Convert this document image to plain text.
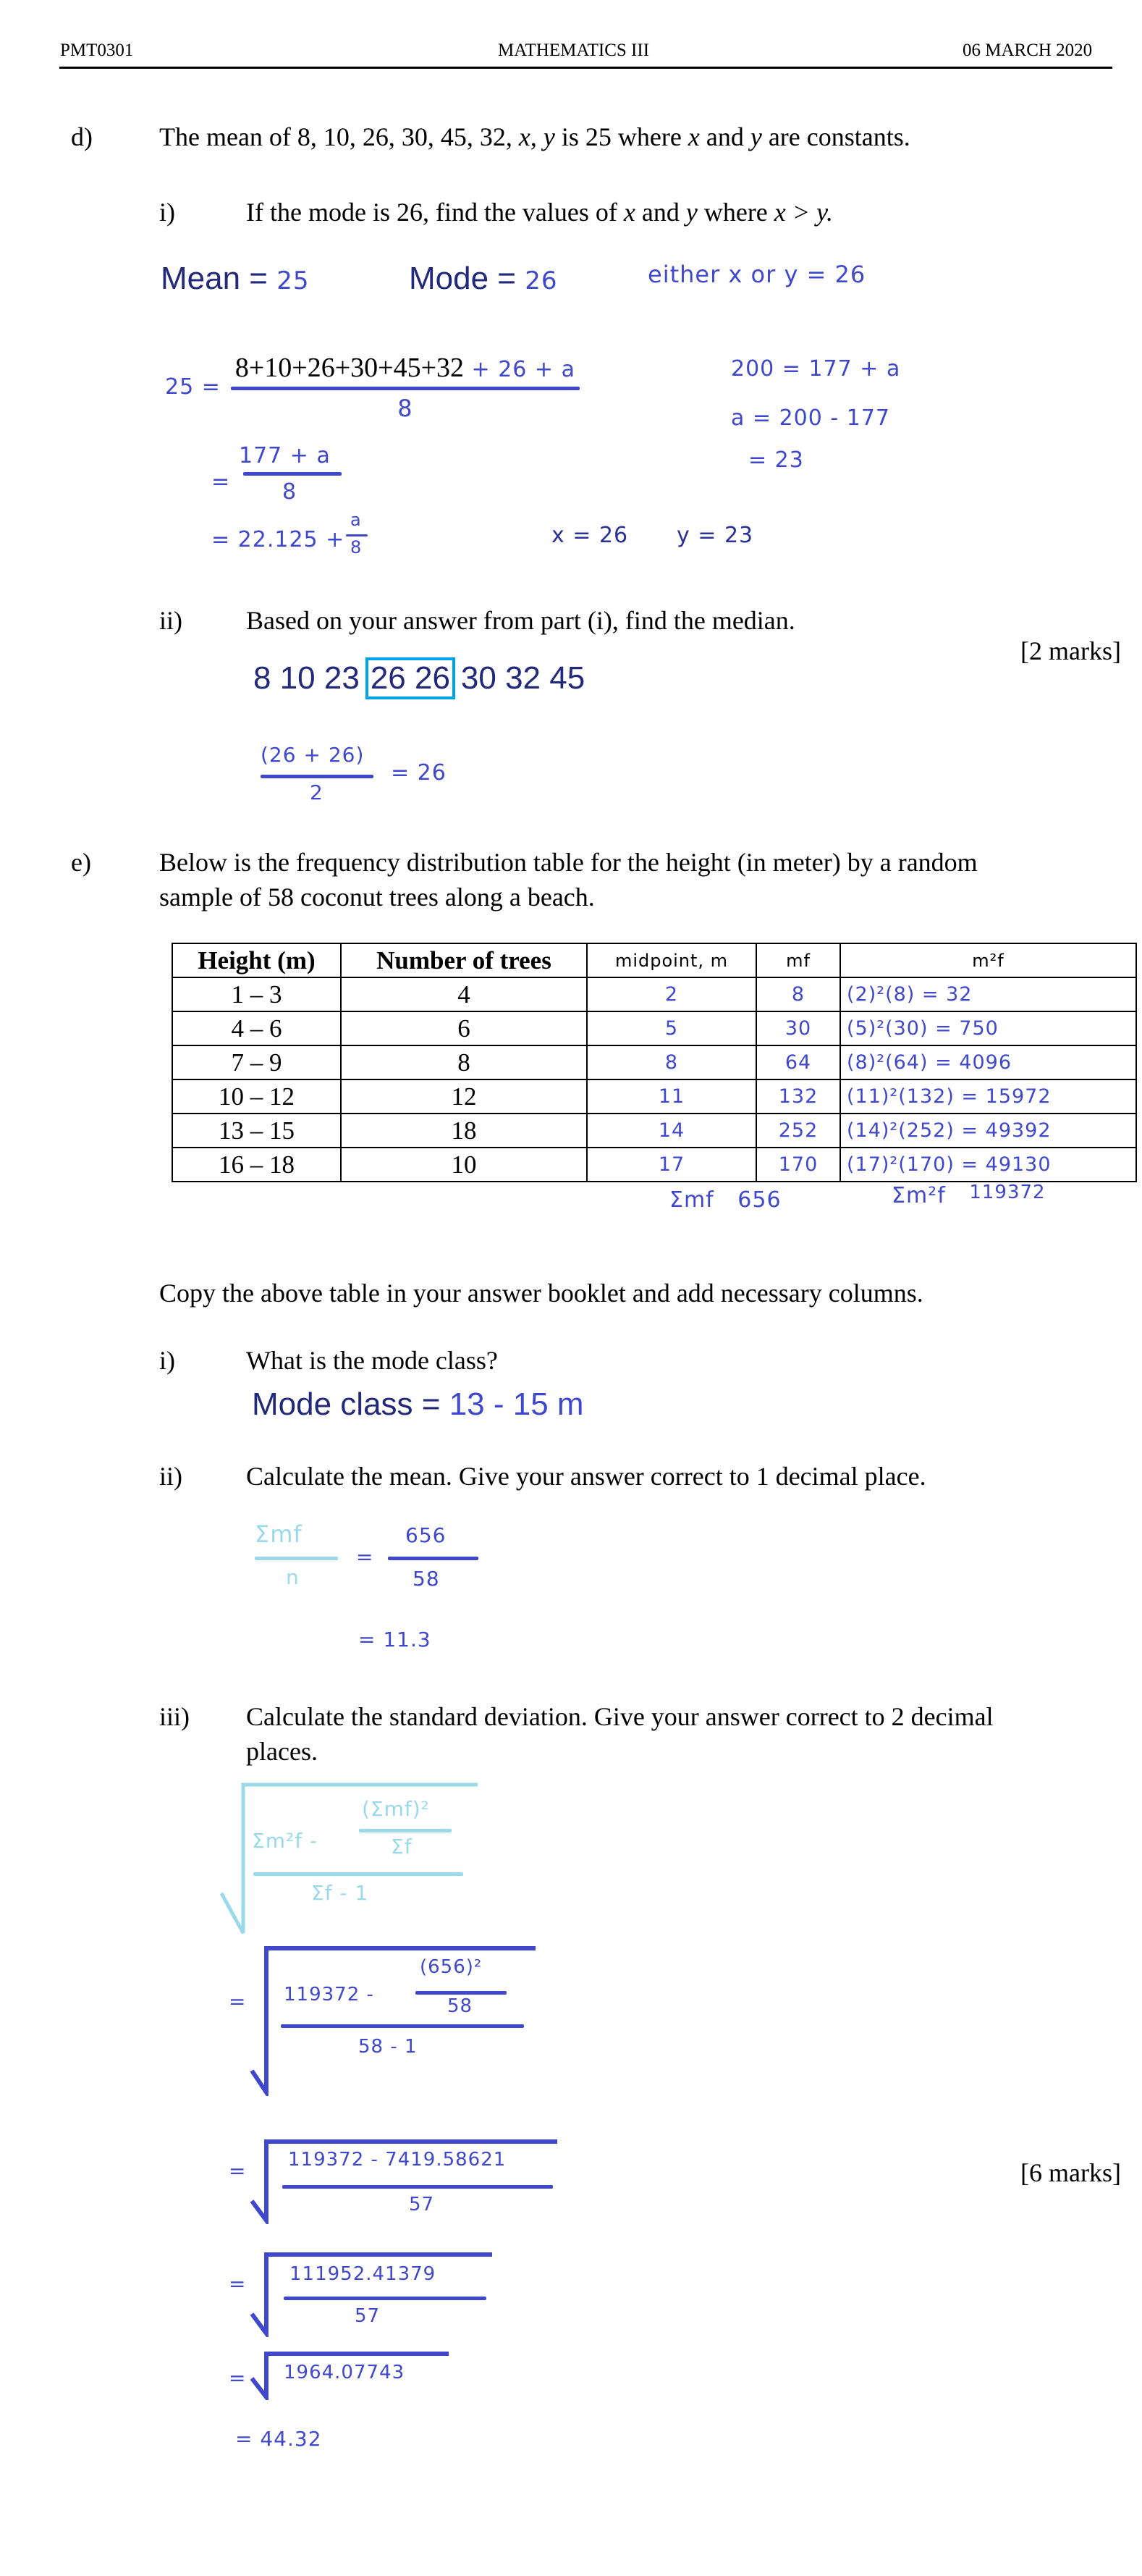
PMT0301	MATHEMATICS III	06 MARCH 2020
d)	The mean of 8, 10, 26, 30, 45, 32, x, y is 25 where x and y are constants.
i)	If the mode is 26, find the values of x and y where x > y.
Mean = 25	Mode = 26	either x or y = 26
25 =
8+10+26+30+45+32 + 26 + a
8
=
177 + a
8
= 22.125 +
a
8
200 = 177 + a
a = 200 - 177
= 23
x = 26 y = 23
ii) Based on your answer from part (i), find the median.
[2 marks]
8 10 23 26 26 30 32 45
(26 + 26)
2
= 26
e)	Below is the frequency distribution table for the height (in meter) by a random
sample of 58 coconut trees along a beach.
Height (m)	Number of trees	midpoint, m	mf	m²f
1 – 3	4	2	8	(2)²(8) = 32
4 – 6	6	5	30	(5)²(30) = 750
7 – 9	8	8	64	(8)²(64) = 4096
10 – 12	12	11	132	(11)²(132) = 15972
13 – 15	18	14	252	(14)²(252) = 49392
16 – 18	10	17	170	(17)²(170) = 49130
Σmf 656	Σm²f 119372
Copy the above table in your answer booklet and add necessary columns.
i)	What is the mode class?
Mode class = 13 - 15 m
ii) Calculate the mean. Give your answer correct to 1 decimal place.
Σmf
n
=
656
58
= 11.3
iii) Calculate the standard deviation. Give your answer correct to 2 decimal
places.
Σm²f -
(Σmf)²
Σf
Σf - 1
= 119372 -
(656)²
58
58 - 1
= 119372 - 7419.58621
57
[6 marks]
= 111952.41379
57
= 1964.07743
= 44.32
